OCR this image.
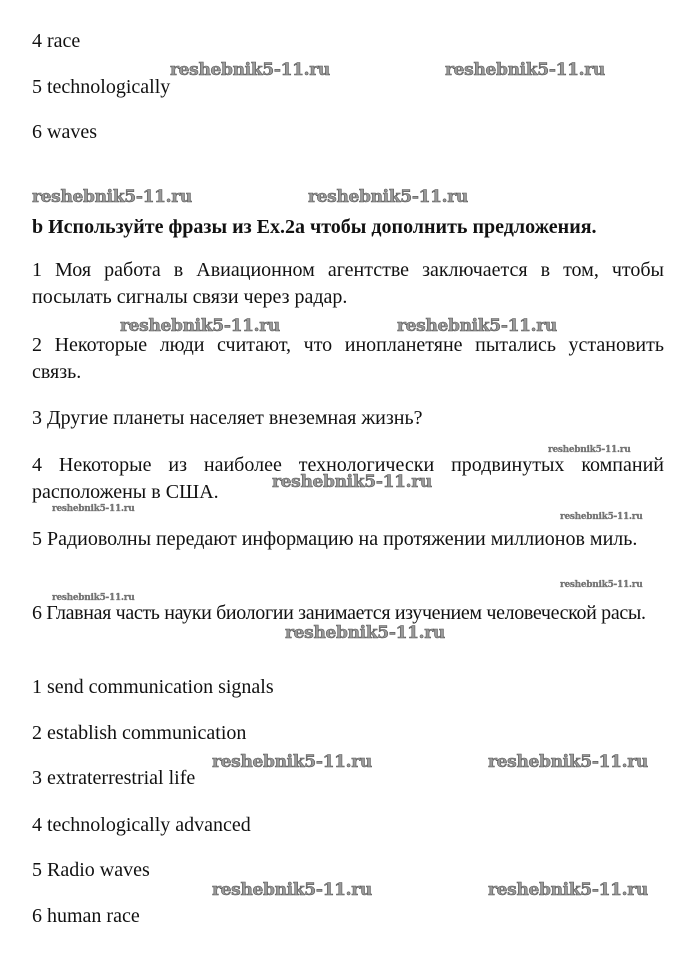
4 race

5 technologically

6 waves

b Используйте фразы из Ex.2a чтобы дополнить предложения.

1 Моя работа в Авиационном агентстве заключается в том, чтобы посылать сигналы связи через радар.

2 Некоторые люди считают, что инопланетяне пытались установить связь.

3 Другие планеты населяет внеземная жизнь?

4 Некоторые из наиболее технологически продвинутых компаний расположены в США.

5 Радиоволны передают информацию на протяжении миллионов миль.

6 Главная часть науки биологии занимается изучением человеческой расы.

1 send communication signals

2 establish communication

3 extraterrestrial life

4 technologically advanced

5 Radio waves

6 human race

reshebnik5-11.ru	reshebnik5-11.ru
reshebnik5-11.ru	reshebnik5-11.ru
reshebnik5-11.ru	reshebnik5-11.ru
reshebnik5-11.ru
reshebnik5-11.ru
reshebnik5-11.ru	reshebnik5-11.ru
reshebnik5-11.ru	reshebnik5-11.ru
reshebnik5-11.ru
reshebnik5-11.ru
reshebnik5-11.ru
reshebnik5-11.ru
reshebnik5-11.ru
